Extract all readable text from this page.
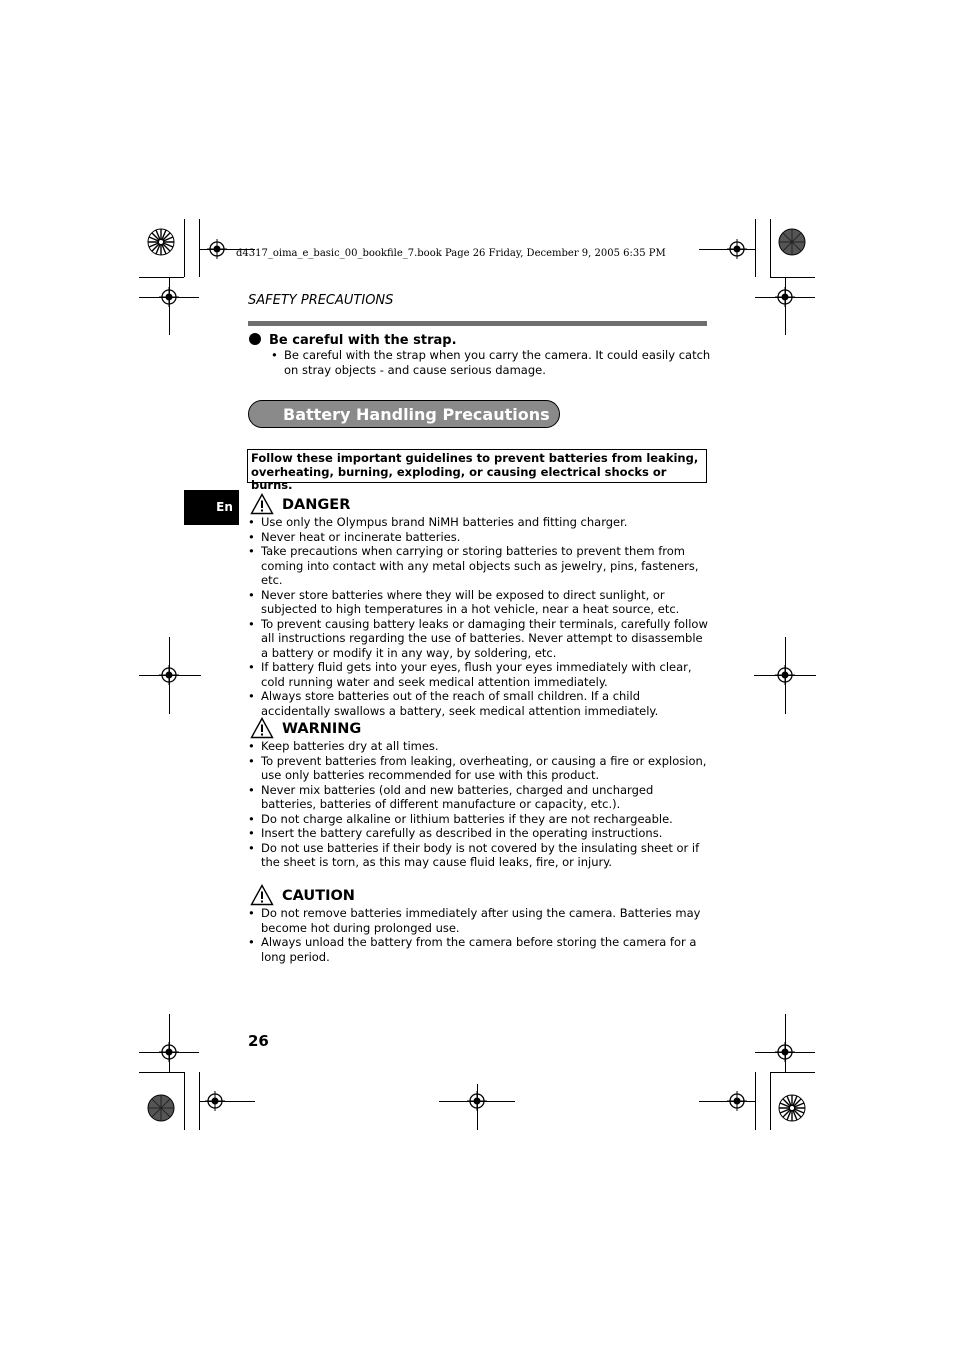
d4317_oima_e_basic_00_bookfile_7.book Page 26 Friday, December 9, 2005 6:35 PM
SAFETY PRECAUTIONS
Be careful with the strap.
• Be careful with the strap when you carry the camera. It could easily catch on stray objects - and cause serious damage.
Battery Handling Precautions
Follow these important guidelines to prevent batteries from leaking, overheating, burning, exploding, or causing electrical shocks or burns.
En	DANGER
• Use only the Olympus brand NiMH batteries and fitting charger.
• Never heat or incinerate batteries.
• Take precautions when carrying or storing batteries to prevent them from coming into contact with any metal objects such as jewelry, pins, fasteners, etc.
• Never store batteries where they will be exposed to direct sunlight, or subjected to high temperatures in a hot vehicle, near a heat source, etc.
• To prevent causing battery leaks or damaging their terminals, carefully follow all instructions regarding the use of batteries. Never attempt to disassemble a battery or modify it in any way, by soldering, etc.
• If battery fluid gets into your eyes, flush your eyes immediately with clear, cold running water and seek medical attention immediately.
• Always store batteries out of the reach of small children. If a child accidentally swallows a battery, seek medical attention immediately.
WARNING
• Keep batteries dry at all times.
• To prevent batteries from leaking, overheating, or causing a fire or explosion, use only batteries recommended for use with this product.
• Never mix batteries (old and new batteries, charged and uncharged batteries, batteries of different manufacture or capacity, etc.).
• Do not charge alkaline or lithium batteries if they are not rechargeable.
• Insert the battery carefully as described in the operating instructions.
• Do not use batteries if their body is not covered by the insulating sheet or if the sheet is torn, as this may cause fluid leaks, fire, or injury.
CAUTION
• Do not remove batteries immediately after using the camera. Batteries may become hot during prolonged use.
• Always unload the battery from the camera before storing the camera for a long period.
26
